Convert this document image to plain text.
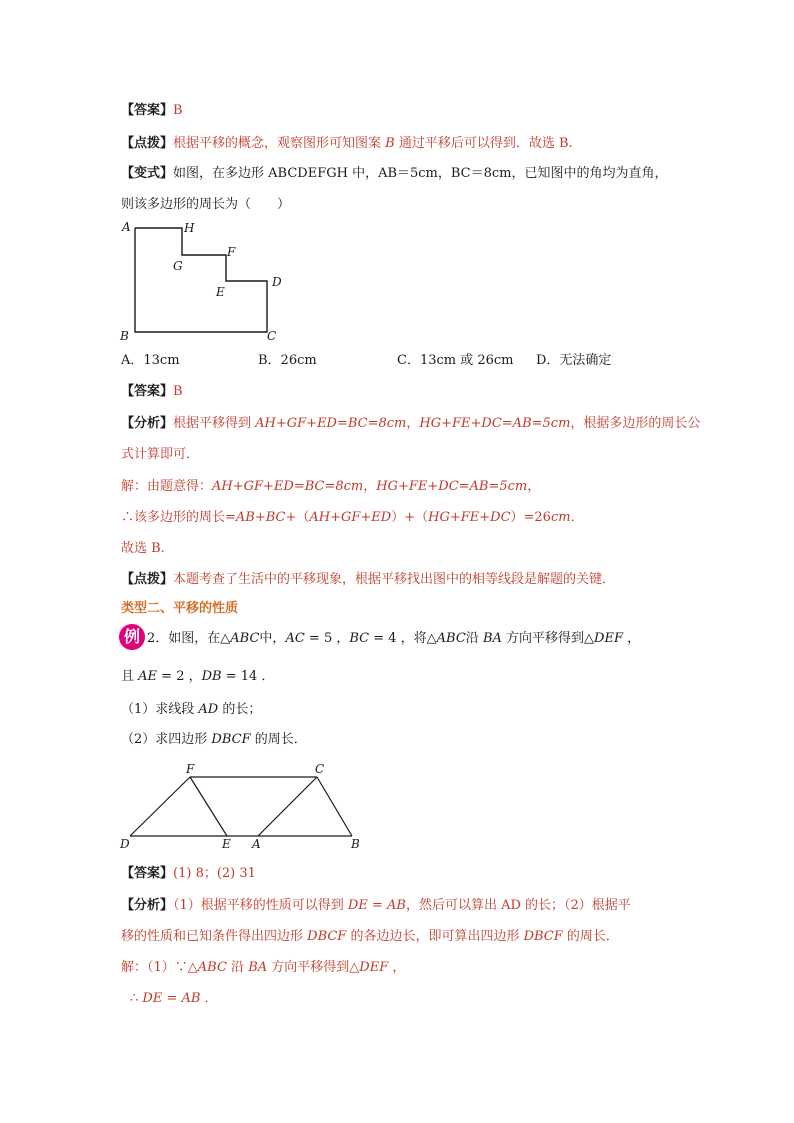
【答案】B
【点拨】根据平移的概念，观察图形可知图案 B 通过平移后可以得到．故选 B.
【变式】如图，在多边形 ABCDEFGH 中，AB＝5cm，BC＝8cm，已知图中的角均为直角，
则该多边形的周长为（　　）
A	H
G
F
E
D
B	C
A．13cm	B．26cm	C．13cm 或 26cm D．无法确定
【答案】B
【分析】根据平移得到 AH+GF+ED=BC=8cm，HG+FE+DC=AB=5cm，根据多边形的周长公
式计算即可．
解：由题意得：AH+GF+ED=BC=8cm，HG+FE+DC=AB=5cm，
∴该多边形的周长=AB+BC+（AH+GF+ED）+（HG+FE+DC）=26cm．
故选 B．
【点拨】本题考查了生活中的平移现象，根据平移找出图中的相等线段是解题的关键．
类型二、平移的性质
例 2．如图，在△ABC中，AC = 5 ，BC = 4 ，将△ABC沿 BA 方向平移得到△DEF ，
且 AE = 2 ，DB = 14 ．
（1）求线段 AD 的长；
（2）求四边形 DBCF 的周长．
F	C
D	E A	B
【答案】(1) 8；(2) 31
【分析】（1）根据平移的性质可以得到 DE = AB，然后可以算出 AD 的长；（2）根据平
移的性质和已知条件得出四边形 DBCF 的各边边长，即可算出四边形 DBCF 的周长．
解：（1）∵△ABC 沿 BA 方向平移得到△DEF ，
∴ DE = AB ．
